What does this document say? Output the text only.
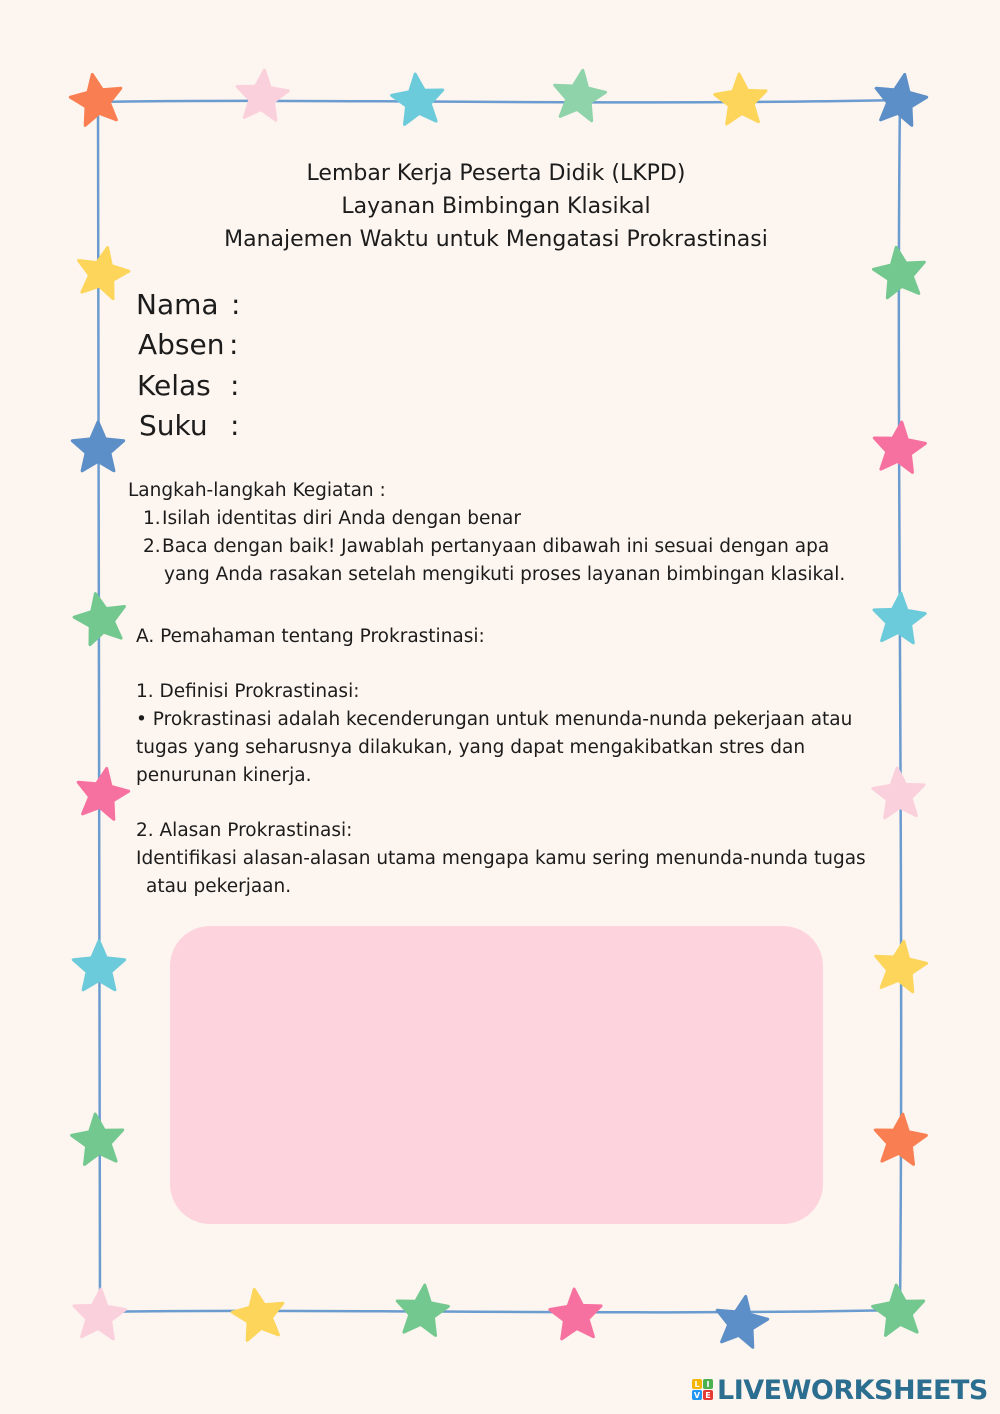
Lembar Kerja Peserta Didik (LKPD)
Layanan Bimbingan Klasikal
Manajemen Waktu untuk Mengatasi Prokrastinasi
Nama :
Absen :
Kelas :
Suku :
Langkah-langkah Kegiatan :
1. Isilah identitas diri Anda dengan benar
2. Baca dengan baik! Jawablah pertanyaan dibawah ini sesuai dengan apa
yang Anda rasakan setelah mengikuti proses layanan bimbingan klasikal.
A. Pemahaman tentang Prokrastinasi:
1. Definisi Prokrastinasi:
• Prokrastinasi adalah kecenderungan untuk menunda-nunda pekerjaan atau
tugas yang seharusnya dilakukan, yang dapat mengakibatkan stres dan
penurunan kinerja.
2. Alasan Prokrastinasi:
Identifikasi alasan-alasan utama mengapa kamu sering menunda-nunda tugas
atau pekerjaan.
L I
V E LIVEWORKSHEETS
